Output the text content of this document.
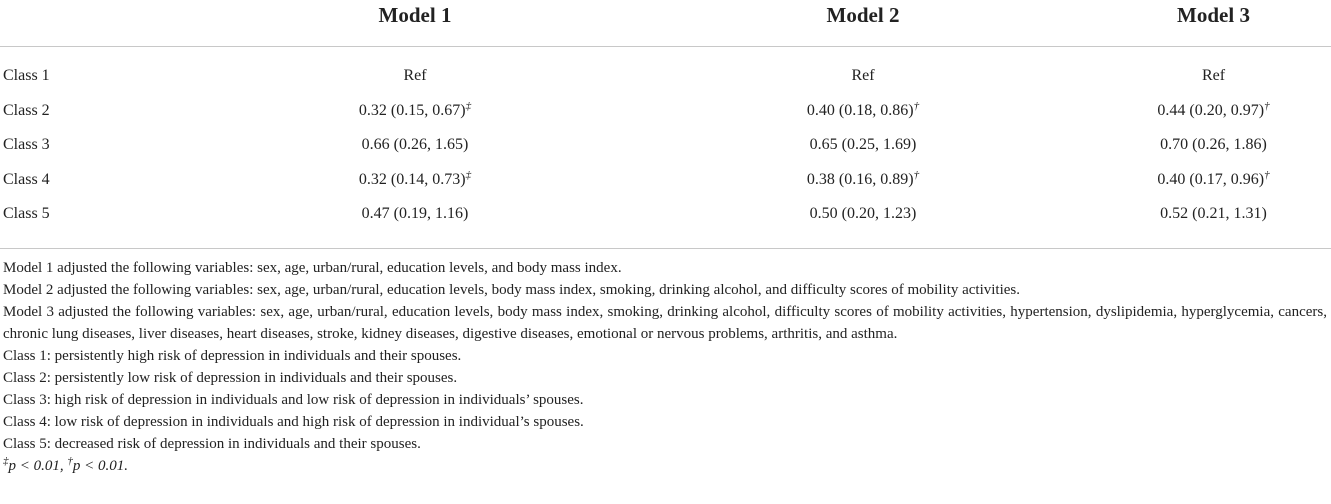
	Model 1	Model 2	Model 3
Class 1	Ref	Ref	Ref
Class 2	0.32 (0.15, 0.67)‡	0.40 (0.18, 0.86)†	0.44 (0.20, 0.97)†
Class 3	0.66 (0.26, 1.65)	0.65 (0.25, 1.69)	0.70 (0.26, 1.86)
Class 4	0.32 (0.14, 0.73)‡	0.38 (0.16, 0.89)†	0.40 (0.17, 0.96)†
Class 5	0.47 (0.19, 1.16)	0.50 (0.20, 1.23)	0.52 (0.21, 1.31)

Model 1 adjusted the following variables: sex, age, urban/rural, education levels, and body mass index.

Model 2 adjusted the following variables: sex, age, urban/rural, education levels, body mass index, smoking, drinking alcohol, and difficulty scores of mobility activities.

Model 3 adjusted the following variables: sex, age, urban/rural, education levels, body mass index, smoking, drinking alcohol, difficulty scores of mobility activities, hypertension, dyslipidemia, hyperglycemia, cancers, chronic lung diseases, liver diseases, heart diseases, stroke, kidney diseases, digestive diseases, emotional or nervous problems, arthritis, and asthma.

Class 1: persistently high risk of depression in individuals and their spouses.

Class 2: persistently low risk of depression in individuals and their spouses.

Class 3: high risk of depression in individuals and low risk of depression in individuals’ spouses.

Class 4: low risk of depression in individuals and high risk of depression in individual’s spouses.

Class 5: decreased risk of depression in individuals and their spouses.

‡p < 0.01, †p < 0.01.
